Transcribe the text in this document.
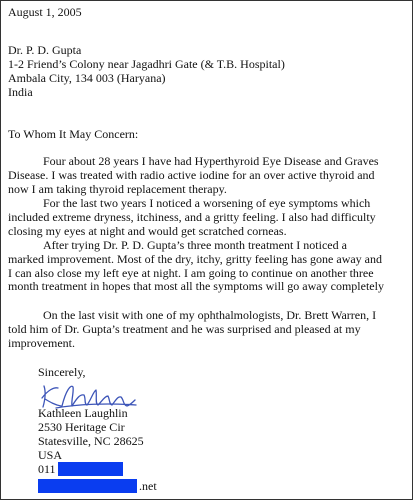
August 1, 2005

Dr. P. D. Gupta

1-2 Friend’s Colony near Jagadhri Gate (& T.B. Hospital)

Ambala City, 134 003 (Haryana)

India

To Whom It May Concern:

Four about 28 years I have had Hyperthyroid Eye Disease and Graves Disease. I was treated with radio active iodine for an over active thyroid and now I am taking thyroid replacement therapy.

For the last two years I noticed a worsening of eye symptoms which included extreme dryness, itchiness, and a gritty feeling. I also had difficulty closing my eyes at night and would get scratched corneas.

After trying Dr. P. D. Gupta’s three month treatment I noticed a marked improvement. Most of the dry, itchy, gritty feeling has gone away and I can also close my left eye at night. I am going to continue on another three month treatment in hopes that most all the symptoms will go away completely

On the last visit with one of my ophthalmologists, Dr. Brett Warren, I told him of Dr. Gupta’s treatment and he was surprised and pleased at my improvement.

Sincerely,

Kathleen Laughlin

2530 Heritage Cir

Statesville, NC 28625

USA

011

.net
